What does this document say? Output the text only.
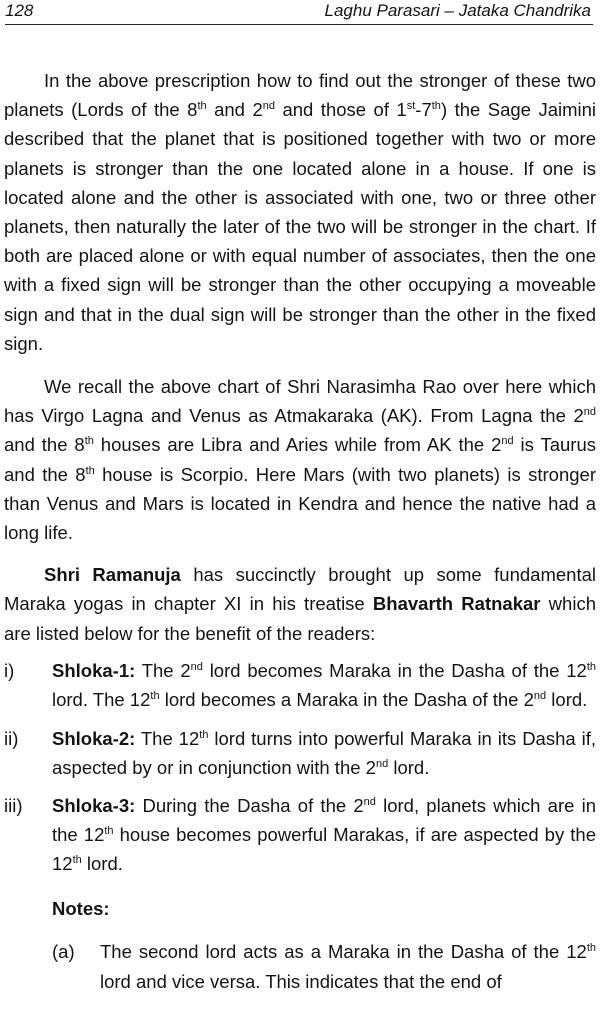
128	Laghu Parasari – Jataka Chandrika

In the above prescription how to find out the stronger of these two planets (Lords of the 8th and 2nd and those of 1st-7th) the Sage Jaimini described that the planet that is positioned together with two or more planets is stronger than the one located alone in a house. If one is located alone and the other is associated with one, two or three other planets, then naturally the later of the two will be stronger in the chart. If both are placed alone or with equal number of associates, then the one with a fixed sign will be stronger than the other occupying a moveable sign and that in the dual sign will be stronger than the other in the fixed sign.

We recall the above chart of Shri Narasimha Rao over here which has Virgo Lagna and Venus as Atmakaraka (AK). From Lagna the 2nd and the 8th houses are Libra and Aries while from AK the 2nd is Taurus and the 8th house is Scorpio. Here Mars (with two planets) is stronger than Venus and Mars is located in Kendra and hence the native had a long life.

Shri Ramanuja has succinctly brought up some fundamental Maraka yogas in chapter XI in his treatise Bhavarth Ratnakar which are listed below for the benefit of the readers:

i) Shloka-1: The 2nd lord becomes Maraka in the Dasha of the 12th lord. The 12th lord becomes a Maraka in the Dasha of the 2nd lord.
ii) Shloka-2: The 12th lord turns into powerful Maraka in its Dasha if, aspected by or in conjunction with the 2nd lord.
iii) Shloka-3: During the Dasha of the 2nd lord, planets which are in the 12th house becomes powerful Marakas, if are aspected by the 12th lord.
Notes:
(a) The second lord acts as a Maraka in the Dasha of the 12th lord and vice versa. This indicates that the end of
